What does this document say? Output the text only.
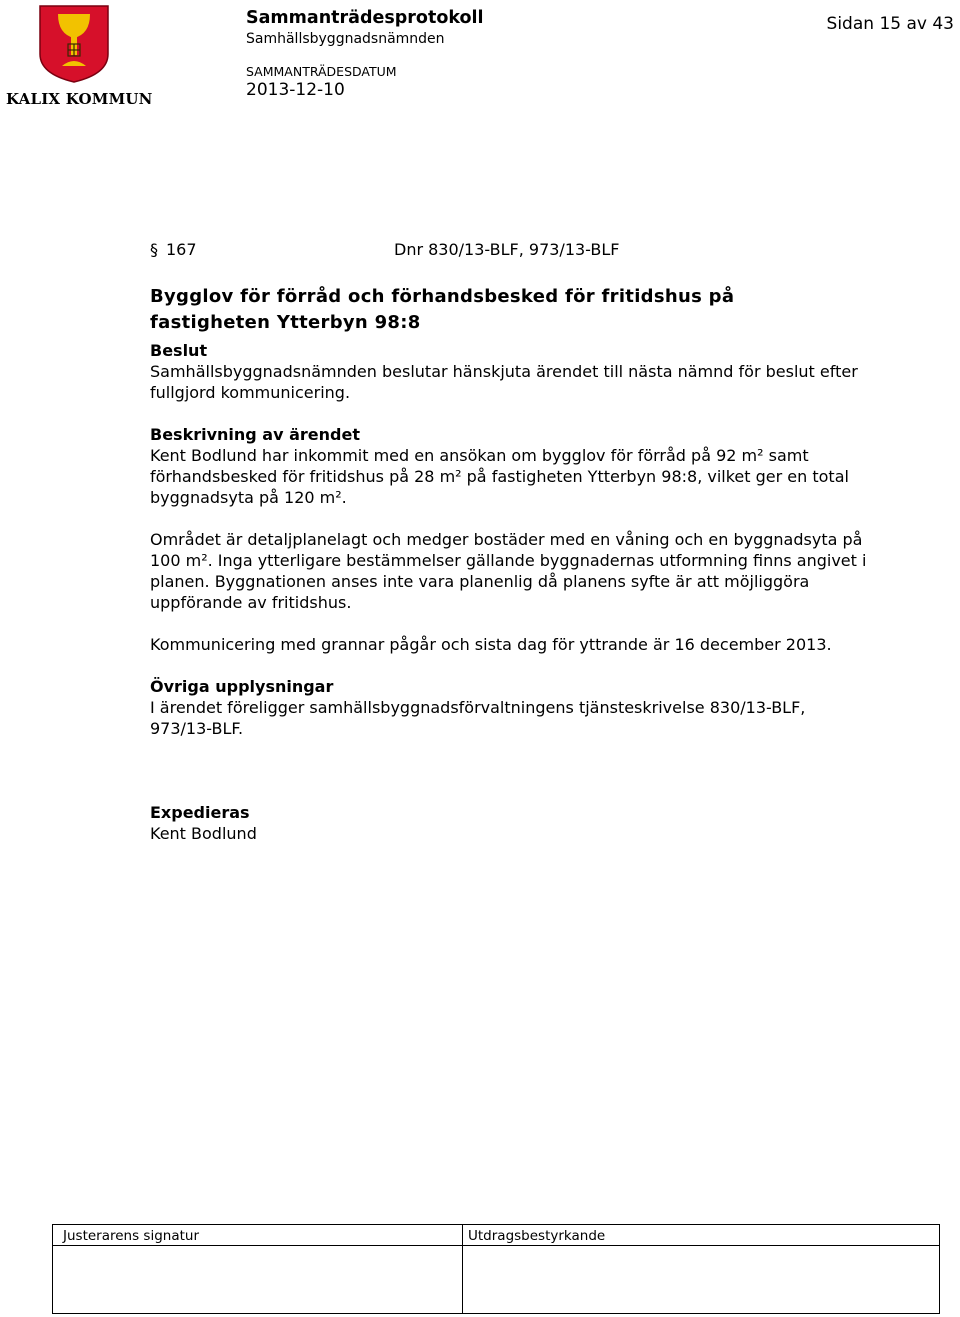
KALIX KOMMUN
Sammanträdesprotokoll
Samhällsbyggnadsnämnden
SAMMANTRÄDESDATUM
2013-12-10
Sidan 15 av 43
§ 167	Dnr 830/13-BLF, 973/13-BLF
Bygglov för förråd och förhandsbesked för fritidshus på
fastigheten Ytterbyn 98:8
Beslut
Samhällsbyggnadsnämnden beslutar hänskjuta ärendet till nästa nämnd för beslut efter
fullgjord kommunicering.
Beskrivning av ärendet
Kent Bodlund har inkommit med en ansökan om bygglov för förråd på 92 m² samt
förhandsbesked för fritidshus på 28 m² på fastigheten Ytterbyn 98:8, vilket ger en total
byggnadsyta på 120 m².
Området är detaljplanelagt och medger bostäder med en våning och en byggnadsyta på
100 m². Inga ytterligare bestämmelser gällande byggnadernas utformning finns angivet i
planen. Byggnationen anses inte vara planenlig då planens syfte är att möjliggöra
uppförande av fritidshus.
Kommunicering med grannar pågår och sista dag för yttrande är 16 december 2013.
Övriga upplysningar
I ärendet föreligger samhällsbyggnadsförvaltningens tjänsteskrivelse 830/13-BLF,
973/13-BLF.
Expedieras
Kent Bodlund
Justerarens signatur	Utdragsbestyrkande
